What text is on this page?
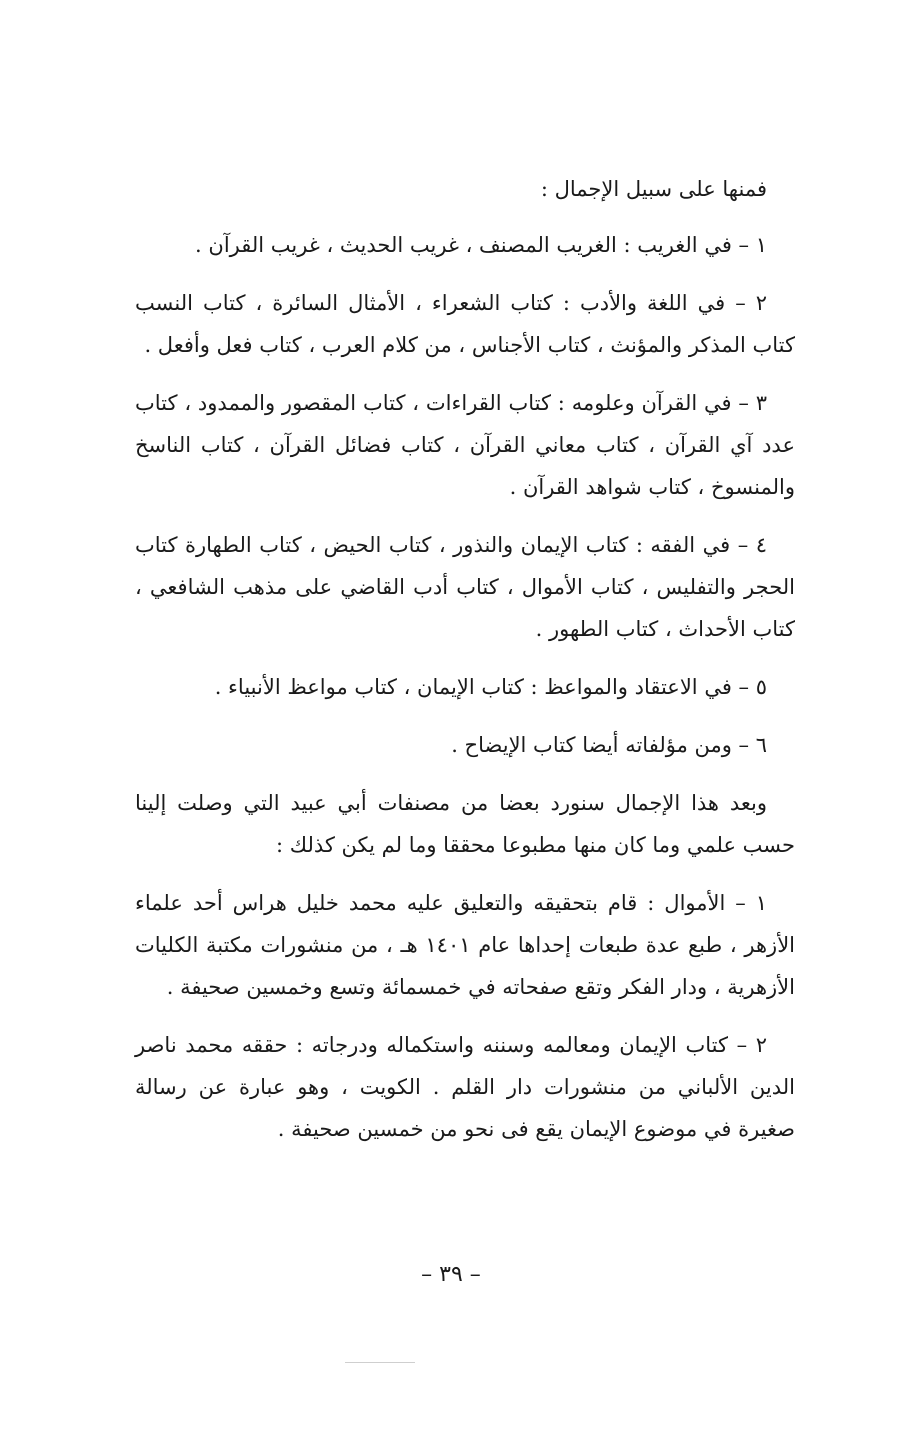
فمنها على سبيل الإجمال :

١ – في الغريب : الغريب المصنف ، غريب الحديث ، غريب القرآن .

٢ – في اللغة والأدب : كتاب الشعراء ، الأمثال السائرة ، كتاب النسب كتاب المذكر والمؤنث ، كتاب الأجناس ، من كلام العرب ، كتاب فعل وأفعل .

٣ – في القرآن وعلومه : كتاب القراءات ، كتاب المقصور والممدود ، كتاب عدد آي القرآن ، كتاب معاني القرآن ، كتاب فضائل القرآن ، كتاب الناسخ والمنسوخ ، كتاب شواهد القرآن .

٤ – في الفقه : كتاب الإيمان والنذور ، كتاب الحيض ، كتاب الطهارة كتاب الحجر والتفليس ، كتاب الأموال ، كتاب أدب القاضي على مذهب الشافعي ، كتاب الأحداث ، كتاب الطهور .

٥ – في الاعتقاد والمواعظ : كتاب الإيمان ، كتاب مواعظ الأنبياء .

٦ – ومن مؤلفاته أيضا كتاب الإيضاح .

وبعد هذا الإجمال سنورد بعضا من مصنفات أبي عبيد التي وصلت إلينا حسب علمي وما كان منها مطبوعا محققا وما لم يكن كذلك :

١ – الأموال : قام بتحقيقه والتعليق عليه محمد خليل هراس أحد علماء الأزهر ، طبع عدة طبعات إحداها عام ١٤٠١ هـ ، من منشورات مكتبة الكليات الأزهرية ، ودار الفكر وتقع صفحاته في خمسمائة وتسع وخمسين صحيفة .

٢ – كتاب الإيمان ومعالمه وسننه واستكماله ودرجاته : حققه محمد ناصر الدين الألباني من منشورات دار القلم . الكويت ، وهو عبارة عن رسالة صغيرة في موضوع الإيمان يقع فى نحو من خمسين صحيفة .

– ٣٩ –
